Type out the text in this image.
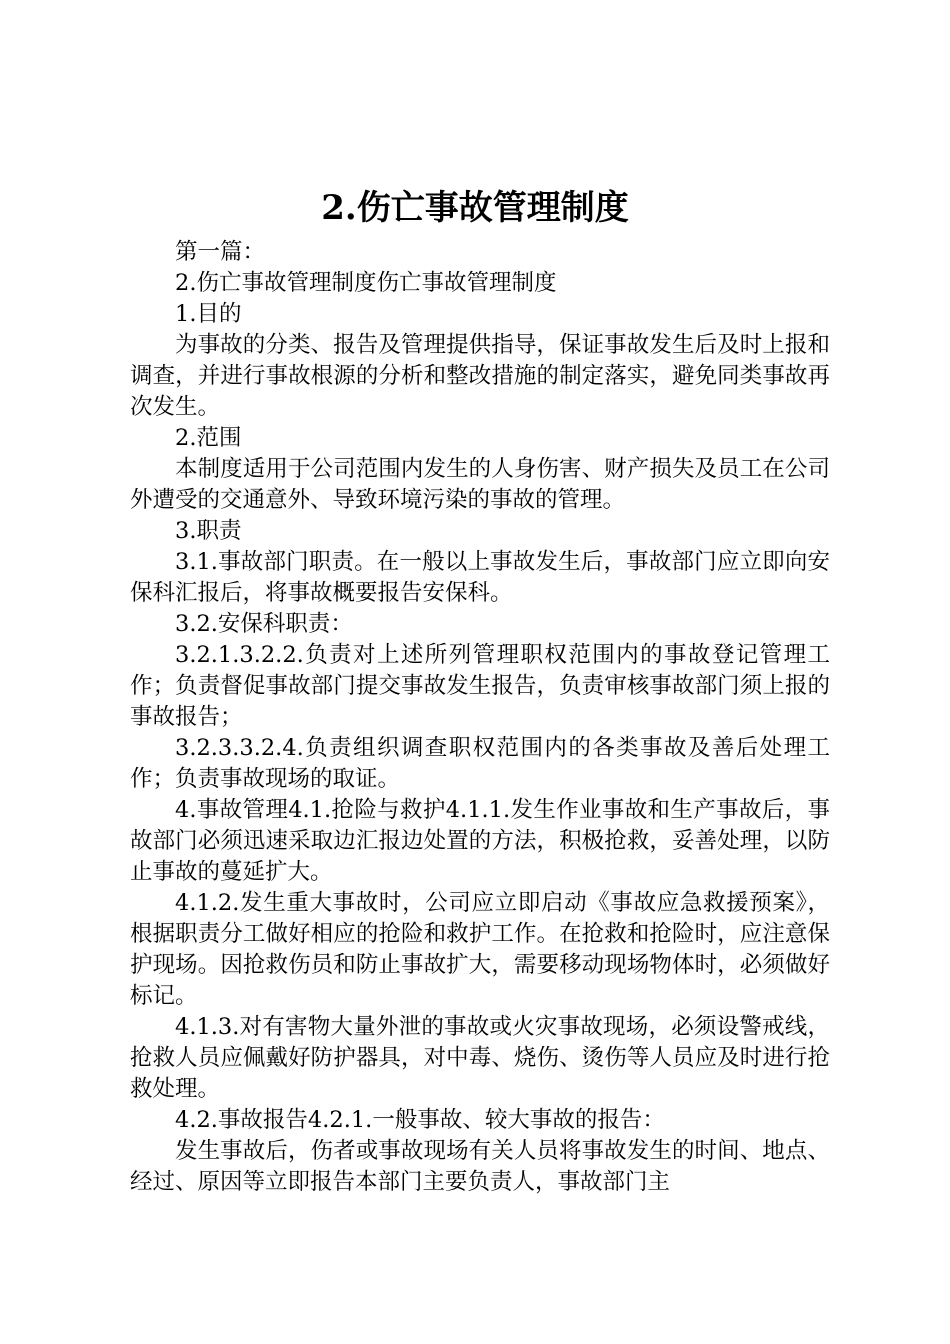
2.伤亡事故管理制度

第一篇：

2.伤亡事故管理制度伤亡事故管理制度

1.目的

为事故的分类、报告及管理提供指导，保证事故发生后及时上报和调查，并进行事故根源的分析和整改措施的制定落实，避免同类事故再次发生。

2.范围

本制度适用于公司范围内发生的人身伤害、财产损失及员工在公司外遭受的交通意外、导致环境污染的事故的管理。

3.职责

3.1.事故部门职责。在一般以上事故发生后，事故部门应立即向安保科汇报后，将事故概要报告安保科。

3.2.安保科职责：

3.2.1.3.2.2.负责对上述所列管理职权范围内的事故登记管理工作；负责督促事故部门提交事故发生报告，负责审核事故部门须上报的事故报告；

3.2.3.3.2.4.负责组织调查职权范围内的各类事故及善后处理工作；负责事故现场的取证。

4.事故管理4.1.抢险与救护4.1.1.发生作业事故和生产事故后，事故部门必须迅速采取边汇报边处置的方法，积极抢救，妥善处理，以防止事故的蔓延扩大。

4.1.2.发生重大事故时，公司应立即启动《事故应急救援预案》，根据职责分工做好相应的抢险和救护工作。在抢救和抢险时，应注意保护现场。因抢救伤员和防止事故扩大，需要移动现场物体时，必须做好标记。

4.1.3.对有害物大量外泄的事故或火灾事故现场，必须设警戒线，抢救人员应佩戴好防护器具，对中毒、烧伤、烫伤等人员应及时进行抢救处理。

4.2.事故报告4.2.1.一般事故、较大事故的报告：

发生事故后，伤者或事故现场有关人员将事故发生的时间、地点、经过、原因等立即报告本部门主要负责人，事故部门主
